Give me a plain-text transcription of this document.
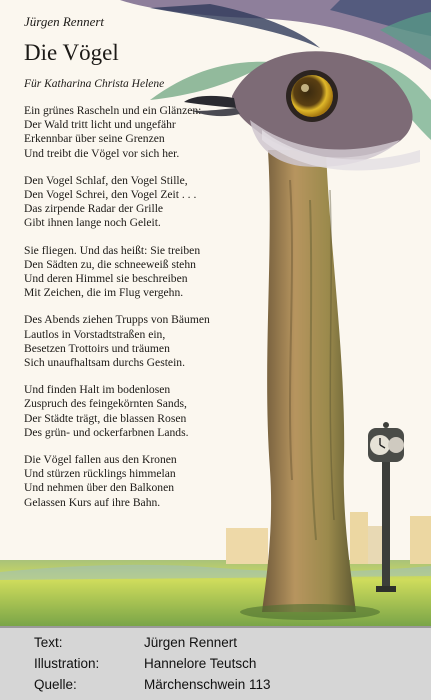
Jürgen Rennert

Die Vögel

Für Katharina Christa Helene

Ein grünes Rascheln und ein Glänzen:
Der Wald tritt licht und ungefähr
Erkennbar über seine Grenzen
Und treibt die Vögel vor sich her.
Den Vogel Schlaf, den Vogel Stille,
Den Vogel Schrei, den Vogel Zeit . . .
Das zirpende Radar der Grille
Gibt ihnen lange noch Geleit.
Sie fliegen. Und das heißt: Sie treiben
Den Sädten zu, die schneeweiß stehn
Und deren Himmel sie beschreiben
Mit Zeichen, die im Flug vergehn.
Des Abends ziehen Trupps von Bäumen
Lautlos in Vorstadtstraßen ein,
Besetzen Trottoirs und träumen
Sich unaufhaltsam durchs Gestein.
Und finden Halt im bodenlosen
Zuspruch des feingekörnten Sands,
Der Städte trägt, die blassen Rosen
Des grün- und ockerfarbnen Lands.
Die Vögel fallen aus den Kronen
Und stürzen rücklings himmelan
Und nehmen über den Balkonen
Gelassen Kurs auf ihre Bahn.
Text:	Jürgen Rennert
Illustration:	Hannelore Teutsch
Quelle:	Märchenschwein 113
